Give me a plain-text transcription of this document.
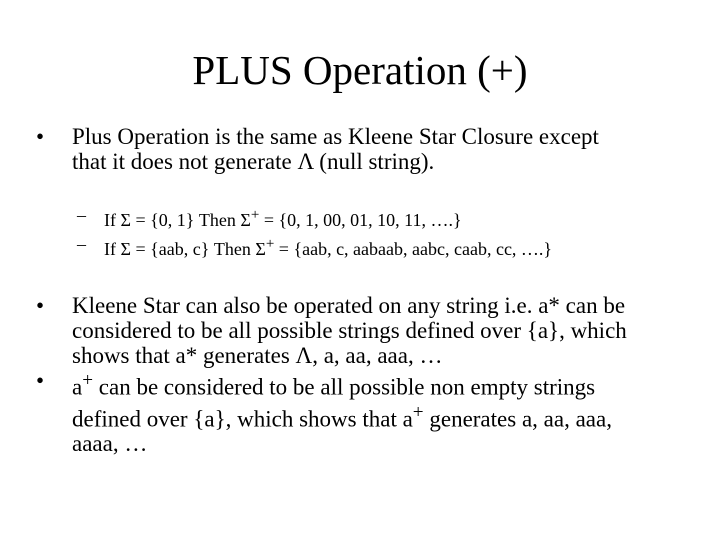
PLUS Operation (+)
• Plus Operation is the same as Kleene Star Closure except
that it does not generate Λ (null string).
– If Σ = {0, 1} Then Σ+ = {0, 1, 00, 01, 10, 11, ….}
– If Σ = {aab, c} Then Σ+ = {aab, c, aabaab, aabc, caab, cc, ….}
• Kleene Star can also be operated on any string i.e. a* can be
considered to be all possible strings defined over {a}, which
shows that a* generates Λ, a, aa, aaa, …
• a+ can be considered to be all possible non empty strings
defined over {a}, which shows that a+ generates a, aa, aaa,
aaaa, …
